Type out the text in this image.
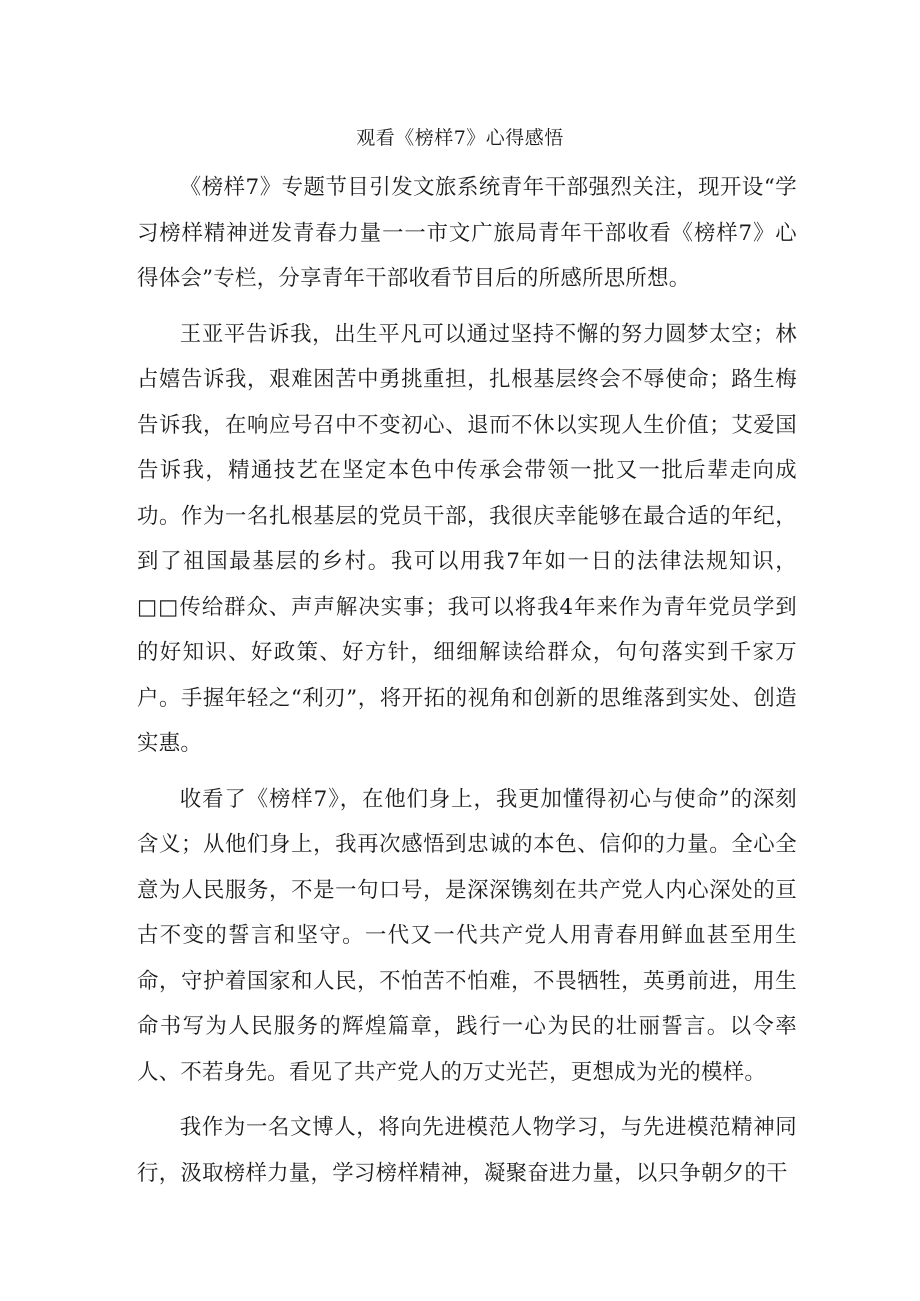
观看《榜样7》心得感悟

《榜样7》专题节目引发文旅系统青年干部强烈关注，现开设“学习榜样精神迸发青春力量一一市文广旅局青年干部收看《榜样7》心得体会”专栏，分享青年干部收看节目后的所感所思所想。

王亚平告诉我，出生平凡可以通过坚持不懈的努力圆梦太空；林占嬉告诉我，艰难困苦中勇挑重担，扎根基层终会不辱使命；路生梅告诉我，在响应号召中不变初心、退而不休以实现人生价值；艾爱国告诉我，精通技艺在坚定本色中传承会带领一批又一批后辈走向成功。作为一名扎根基层的党员干部，我很庆幸能够在最合适的年纪，到了祖国最基层的乡村。我可以用我7年如一日的法律法规知识，□□传给群众、声声解决实事；我可以将我4年来作为青年党员学到的好知识、好政策、好方针，细细解读给群众，句句落实到千家万户。手握年轻之“利刃”，将开拓的视角和创新的思维落到实处、创造实惠。

收看了《榜样7》，在他们身上，我更加懂得初心与使命”的深刻含义；从他们身上，我再次感悟到忠诚的本色、信仰的力量。全心全意为人民服务，不是一句口号，是深深镌刻在共产党人内心深处的亘古不变的誓言和坚守。一代又一代共产党人用青春用鲜血甚至用生命，守护着国家和人民，不怕苦不怕难，不畏牺牲，英勇前进，用生命书写为人民服务的辉煌篇章，践行一心为民的壮丽誓言。以令率人、不若身先。看见了共产党人的万丈光芒，更想成为光的模样。

我作为一名文博人，将向先进模范人物学习，与先进模范精神同行，汲取榜样力量，学习榜样精神，凝聚奋进力量，以只争朝夕的干
